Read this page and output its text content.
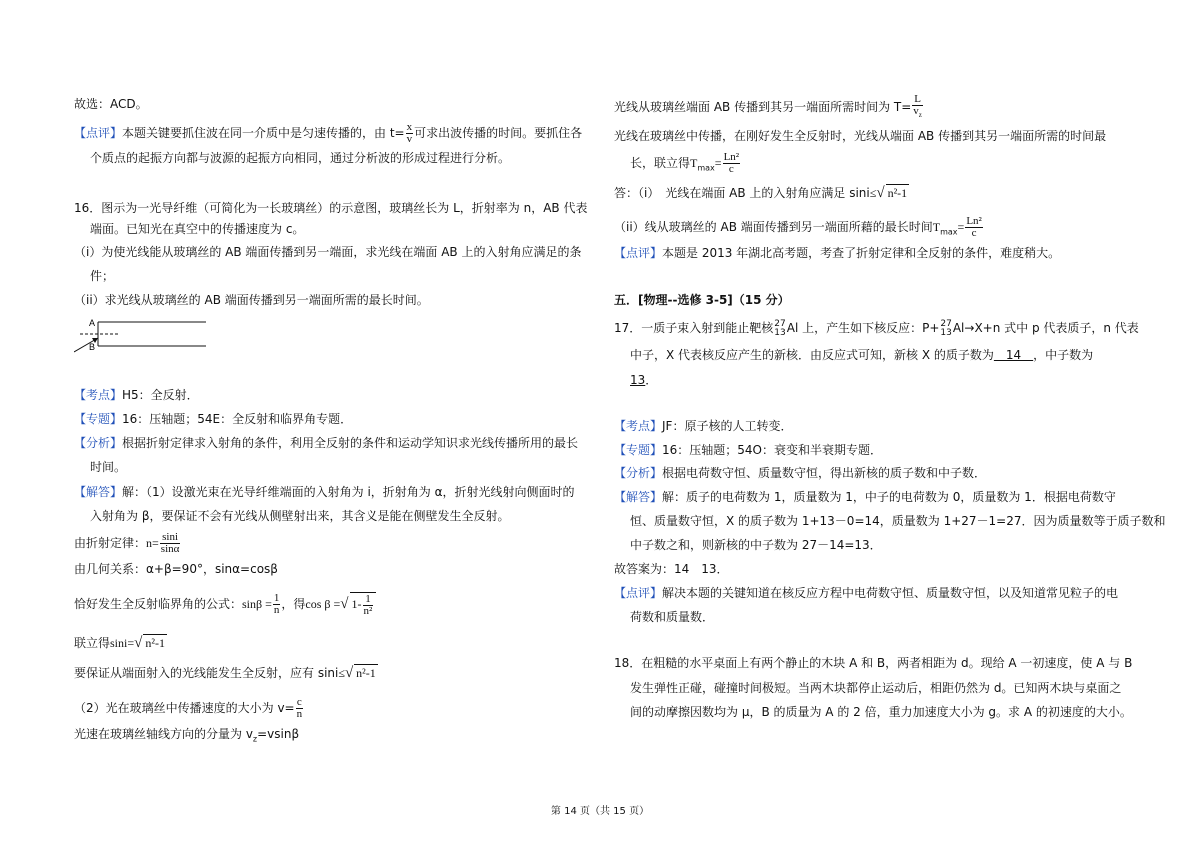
故选：ACD。
【点评】本题关键要抓住波在同一介质中是匀速传播的，由 $t= \frac{x}{v}$ 可求出波传播的时间。要抓住各
个质点的起振方向都与波源的起振方向相同，通过分析波的形成过程进行分析。
16．图示为一光导纤维（可简化为一长玻璃丝）的示意图，玻璃丝长为 L，折射率为 n，AB 代表
端面。已知光在真空中的传播速度为 c。
（i）为使光线能从玻璃丝的 AB 端面传播到另一端面，求光线在端面 AB 上的入射角应满足的条
件；
（ii）求光线从玻璃丝的 AB 端面传播到另一端面所需的最长时间。
A
B
【考点】H5：全反射．
【专题】16：压轴题；54E：全反射和临界角专题．
【分析】根据折射定律求入射角的条件，利用全反射的条件和运动学知识求光线传播所用的最长
时间。
【解答】解：（1）设激光束在光导纤维端面的入射角为 i，折射角为 α，折射光线射向侧面时的
入射角为 β，要保证不会有光线从侧壁射出来，其含义是能在侧壁发生全反射。
由折射定律：$n= \frac{\sin i}{\sin\alpha}$
由几何关系：α+β=90°，sinα=cosβ
恰好发生全反射临界角的公式：$\sin\beta = \frac{1}{n}$ ，得cos β =√ $1- \frac{1}{\text{n²}}$
联立得sini=√ n²-1
要保证从端面射入的光线能发生全反射，应有 sini≤√ n²-1
（2）光在玻璃丝中传播速度的大小为 $v= \frac{c}{n}$
光速在玻璃丝轴线方向的分量为 $v_z=vsin\beta$
光线从玻璃丝端面 AB 传播到其另一端面所需时间为 $T= \frac{L}{v_z}$
光线在玻璃丝中传播，在刚好发生全反射时，光线从端面 AB 传播到其另一端面所需的时间最
长，联立得$T_{max}= \frac{\text{Ln²}}{c}$
答：（i）　光线在端面 AB 上的入射角应满足 sini≤√ n²-1
（ii）线从玻璃丝的 AB 端面传播到另一端面所藉的最长时间$T_{max}= \frac{\text{Ln²}}{c}$
【点评】本题是 2013 年湖北高考题，考查了折射定律和全反射的条件，难度稍大。
五．[物理--选修 3-5]（15 分）
17．一质子束入射到能止靶核 27
13 Al 上，产生如下核反应：P+ 27
13 Al→X+n 式中 p 代表质子，n 代表
中子，X 代表核反应产生的新核．由反应式可知，新核 X 的质子数为　14　，中子数为
13．
【考点】JF：原子核的人工转变．
【专题】16：压轴题；54O：衰变和半衰期专题．
【分析】根据电荷数守恒、质量数守恒，得出新核的质子数和中子数．
【解答】解：质子的电荷数为 1，质量数为 1，中子的电荷数为 0，质量数为 1．根据电荷数守
恒、质量数守恒，X 的质子数为 1+13－0=14，质量数为 1+27－1=27．因为质量数等于质子数和
中子数之和，则新核的中子数为 27－14=13．
故答案为：14　13．
【点评】解决本题的关键知道在核反应方程中电荷数守恒、质量数守恒，以及知道常见粒子的电
荷数和质量数．
18．在粗糙的水平桌面上有两个静止的木块 A 和 B，两者相距为 d。现给 A 一初速度，使 A 与 B
发生弹性正碰，碰撞时间极短。当两木块都停止运动后，相距仍然为 d。已知两木块与桌面之
间的动摩擦因数均为 μ，B 的质量为 A 的 2 倍，重力加速度大小为 g。求 A 的初速度的大小。
第 14 页（共 15 页）
